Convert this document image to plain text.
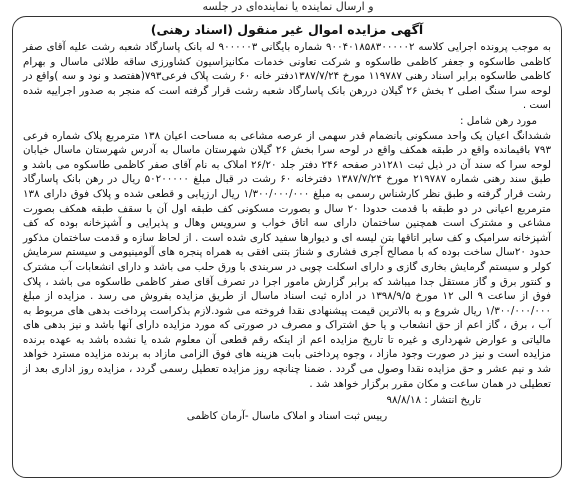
و ارسال نماینده یا نماینده‌ای در جلسه
آگهی مزایده اموال غیر منقول (اسناد رهنی)

به موجب پرونده اجرایی کلاسه ۹۰۰۴۰۱۸۵۸۳۰۰۰۰۰۲ شماره بایگانی ۹۰۰۰۰۰۳ له بانک پاسارگاد شعبه رشت علیه آقای صفر کاظمی طاسکوه و جعفر کاظمی طاسکوه و شرکت تعاونی خدمات مکانیزاسیون کشاورزی ساقه طلائی ماسال و بهرام کاظمی طاسکوه برابر اسناد رهنی ۱۱۹۷۸۷ مورخ ۱۳۸۷/۷/۲۴دفتر خانه ۶۰ رشت پلاک فرعی۷۹۳(هفتصد و نود و سه )واقع در لوحه سرا سنگ اصلی ۲ بخش ۲۶ گیلان دررهن بانک پاسارگاد شعبه رشت قرار گرفته است که منجر به صدور اجراییه شده است .

مورد رهن شامل :

ششدانگ اعیان یک واحد مسکونی بانضمام قدر سهمی از عرصه مشاعی به مساحت اعیان ۱۳۸ مترمربع پلاک شماره فرعی ۷۹۳ باقیمانده واقع در طبقه همکف واقع در لوحه سرا بخش ۲۶ گیلان شهرستان ماسال به آدرس شهرستان ماسال خیابان لوحه سرا که سند آن در ذیل ثبت ۱۲۸۱در صفحه ۲۴۶ دفتر جلد ۲۶/۲۰ املاک به نام آقای صفر کاظمی طاسکوه می باشد و طبق سند رهنی شماره ۲۱۹۷۸۷ مورخ ۱۳۸۷/۷/۲۴ دفترخانه ۶۰ رشت در قبال مبلغ ۵۰۲۰۰۰۰۰ ریال در رهن بانک پاسارگاد رشت قرار گرفته و طبق نظر کارشناس رسمی به مبلغ ۱/۳۰۰/۰۰۰/۰۰۰ ریال ارزیابی و قطعی شده و پلاک فوق دارای ۱۳۸ مترمربع اعیانی در دو طبقه با قدمت حدودا ۲۰ سال و بصورت مسکونی کف طبقه اول آن با سقف طبقه همکف بصورت مشاعی و مشترک است همچنین ساختمان دارای سه اتاق خواب و سرویس وهال و پذیرایی و آشپزخانه بوده که کف آشپزخانه سرامیک و کف سایر اتاقها بتن لیسه ای و دیوارها سفید کاری شده است . از لحاظ سازه و قدمت ساختمان مذکور حدود ۲۰سال ساخت بوده که با مصالح آجری فشاری و شناژ بتنی افقی به همراه پنجره های آلومینیومی و سیستم سرمایش کولر و سیستم گرمایش بخاری گازی و دارای اسکلت چوبی در سربندی با ورق حلب می باشد و دارای انشعابات آب مشترک و کنتور برق و گاز مستقل جدا میباشد که برابر گزارش مامور اجرا در تصرف آقای صفر کاظمی طاسکوه می باشد ، پلاک فوق از ساعت ۹ الی ۱۲ مورخ ۱۳۹۸/۹/۵ در اداره ثبت اسناد ماسال از طریق مزایده بفروش می رسد . مزایده از مبلغ ۱/۳۰۰/۰۰۰/۰۰۰ ریال شروع و به بالاترین قیمت پیشنهادی نقدا فروخته می شود.لازم بذکراست پرداخت بدهی های مربوط به آب ، برق ، گاز اعم از حق انشعاب و یا حق اشتراک و مصرف در صورتی که مورد مزایده دارای آنها باشد و نیز بدهی های مالیاتی و عوارض شهرداری و غیره تا تاریخ مزایده اعم از اینکه رقم قطعی آن معلوم شده یا نشده باشد به عهده برنده مزایده است و نیز در صورت وجود مازاد ، وجوه پرداختی بابت هزینه های فوق الزامی مازاد به برنده مزایده مسترد خواهد شد و نیم عشر و حق مزایده نقدا وصول می گردد . ضمنا چنانچه روز مزایده تعطیل رسمی گردد ، مزایده روز اداری بعد از تعطیلی در همان ساعت و مکان مقرر برگزار خواهد شد .

تاریخ انتشار : ۹۸/۸/۱۸
رییس ثبت اسناد و املاک ماسال -آرمان کاظمی
